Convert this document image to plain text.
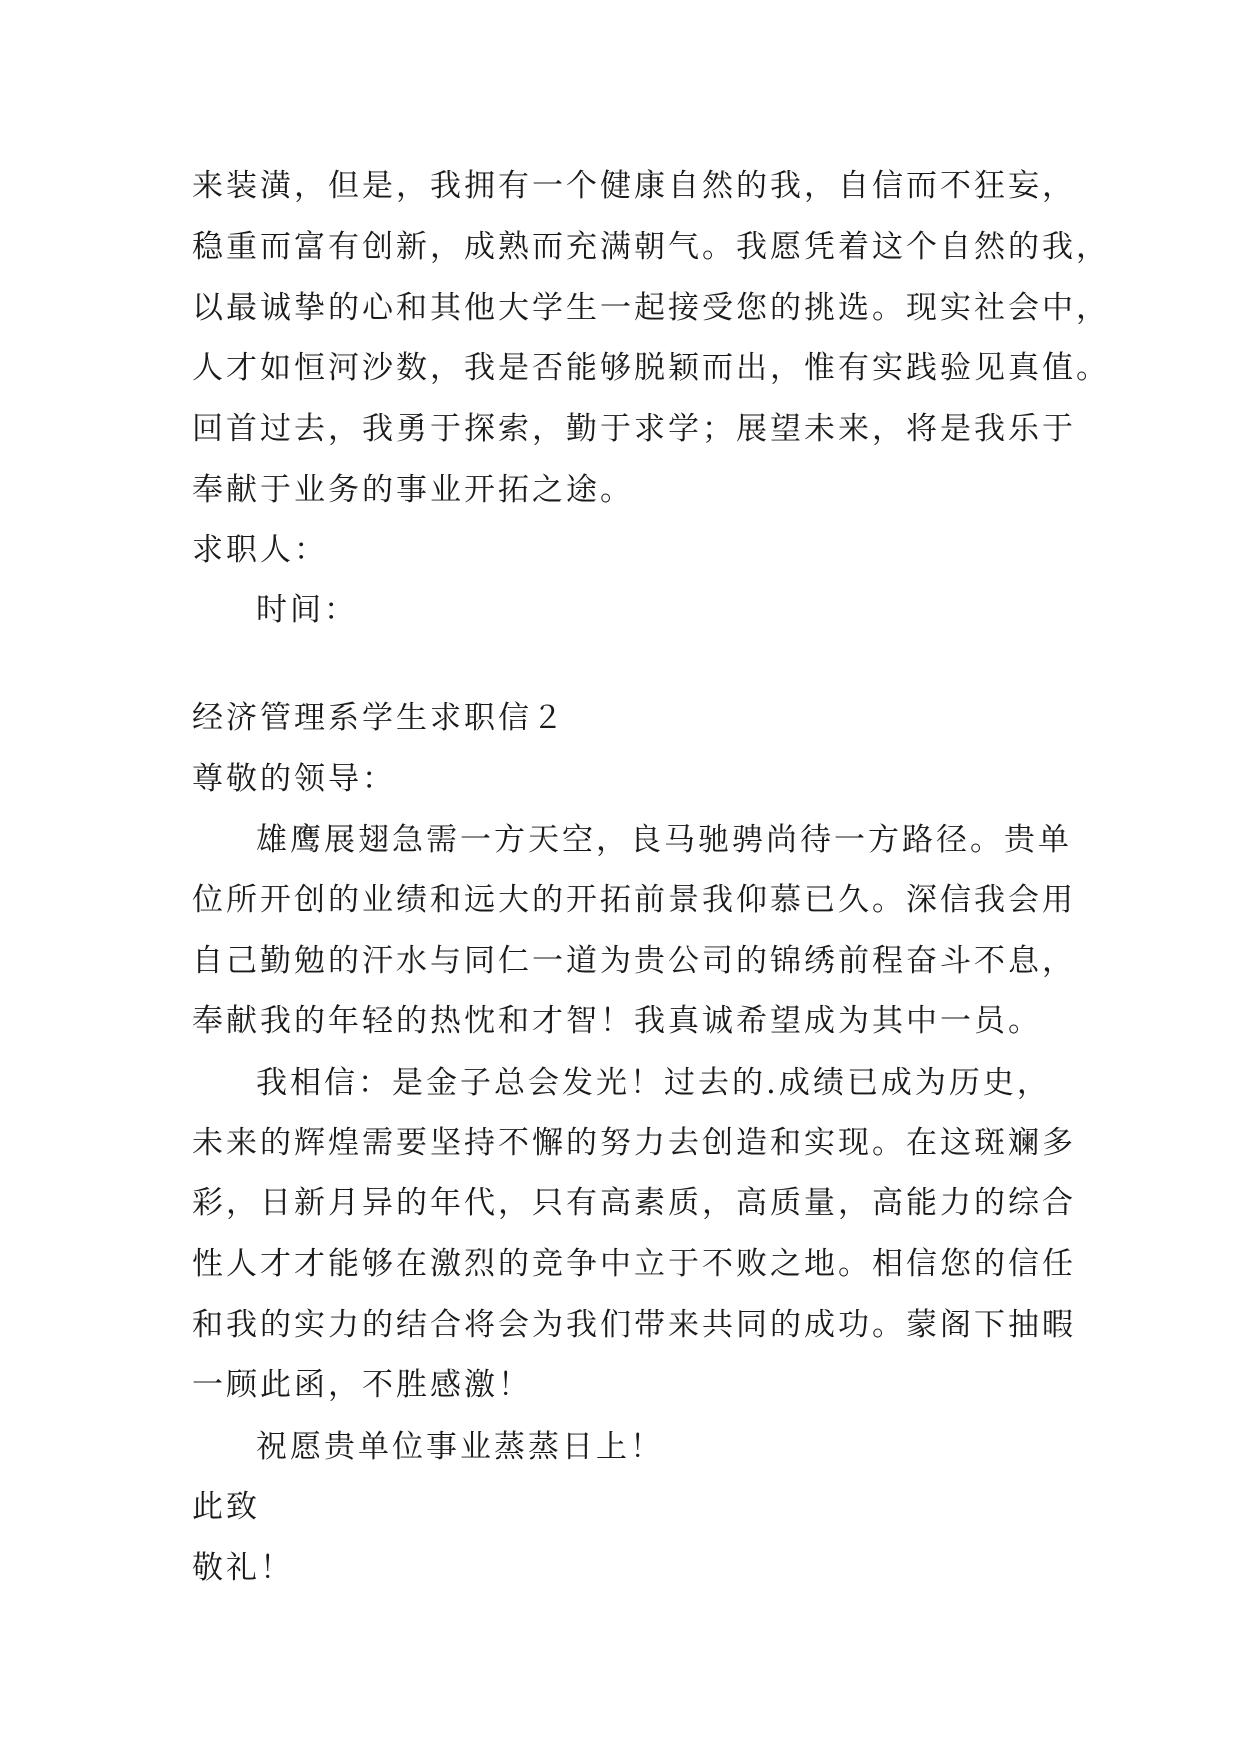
来装潢，但是，我拥有一个健康自然的我，自信而不狂妄，
稳重而富有创新，成熟而充满朝气。我愿凭着这个自然的我，
以最诚挚的心和其他大学生一起接受您的挑选。现实社会中，
人才如恒河沙数，我是否能够脱颖而出，惟有实践验见真值。
回首过去，我勇于探索，勤于求学；展望未来，将是我乐于
奉献于业务的事业开拓之途。
求职人：
时间：
经济管理系学生求职信２
尊敬的领导：
雄鹰展翅急需一方天空，良马驰骋尚待一方路径。贵单
位所开创的业绩和远大的开拓前景我仰慕已久。深信我会用
自己勤勉的汗水与同仁一道为贵公司的锦绣前程奋斗不息，
奉献我的年轻的热忱和才智！我真诚希望成为其中一员。
我相信：是金子总会发光！过去的.成绩已成为历史，
未来的辉煌需要坚持不懈的努力去创造和实现。在这斑斓多
彩，日新月异的年代，只有高素质，高质量，高能力的综合
性人才才能够在激烈的竞争中立于不败之地。相信您的信任
和我的实力的结合将会为我们带来共同的成功。蒙阁下抽暇
一顾此函，不胜感激！
祝愿贵单位事业蒸蒸日上！
此致
敬礼！
